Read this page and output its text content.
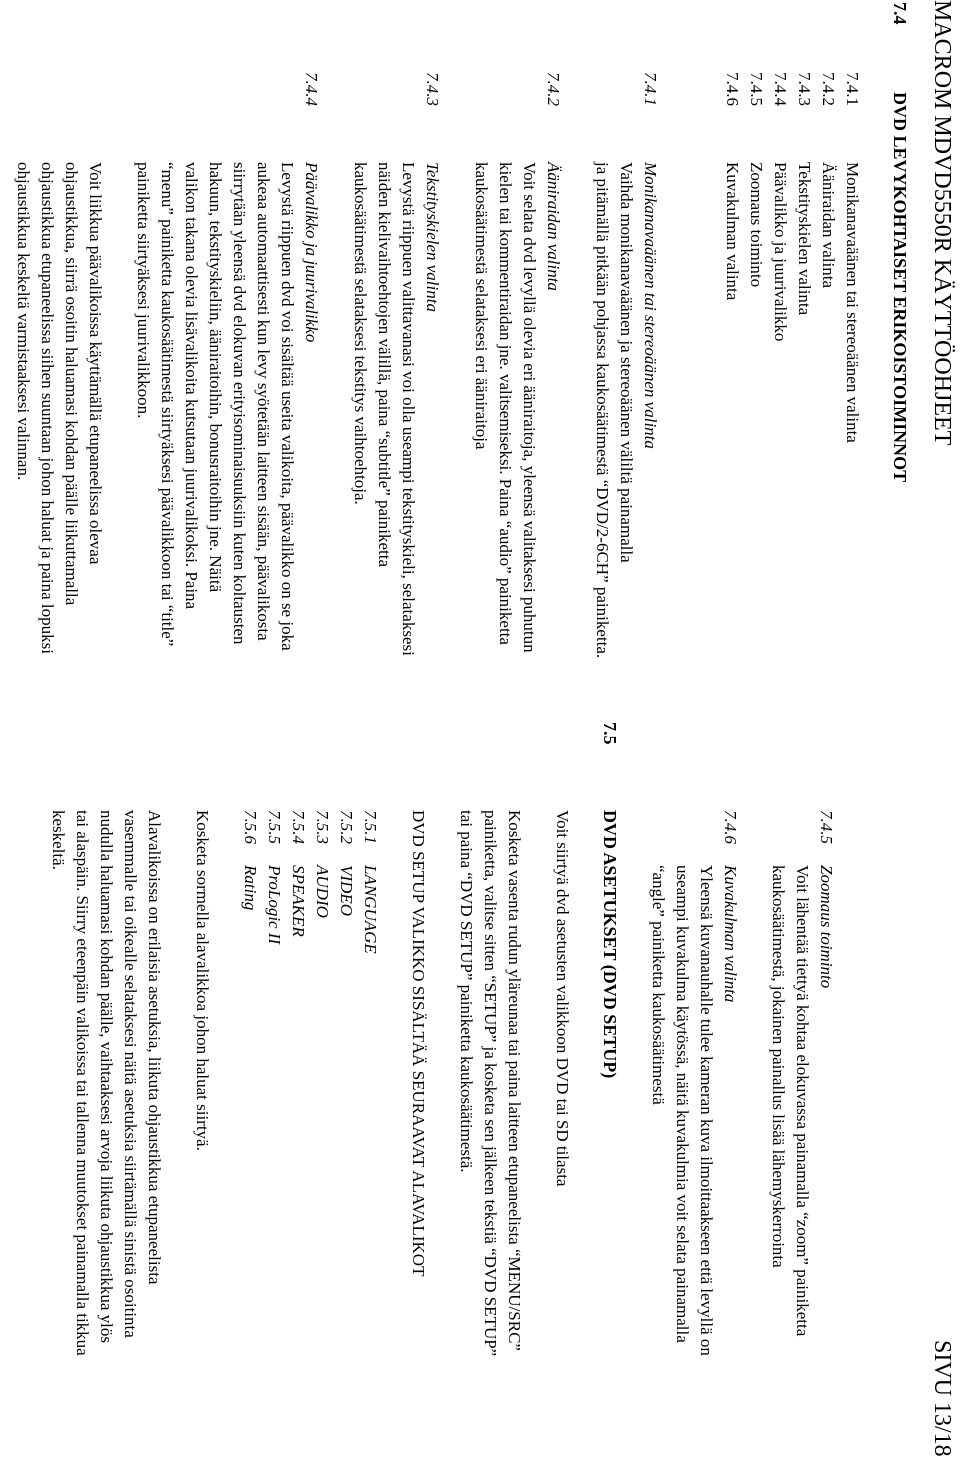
MACROM MDVD5550R KÄYTTÖOHJEET
SIVU 13/18
7.4
DVD LEVYKOHTAISET ERIKOISTOIMINNOT
7.4.1
Monikanavaäänen tai stereoäänen valinta
7.4.2
Ääniraidan valinta
7.4.3
Tekstityskielen valinta
7.4.4
Päävalikko ja juurivalikko
7.4.5
Zoomaus toiminto
7.4.6
Kuvakulman valinta
7.4.1
Monikanavaäänen tai stereoäänen valinta
Vaihda monikanavaäänen ja stereoäänen väliltä painamalla
ja pitämällä pitkään pohjassa kaukosäätimestä “DVD/2-6CH” painiketta.
7.4.2
Ääniraidan valinta
Voit selata dvd levyllä olevia eri ääniraitoja, yleensä valitaksesi puhutun
kielen tai kommentiraidan jne. valitsemiseksi. Paina “audio” painiketta
kaukosäätimestä selataksesi eri ääniraitoja
7.4.3
Tekstityskielen valinta
Levystä riippuen valittavanasi voi olla useampi tekstityskieli, selataksesi
näiden kielivaihtoehtojen välillä, paina “subtitle” painiketta
kaukosäätimestä selataksesi tekstitys vaihtoehtoja.
7.4.4
Päävalikko ja juurivalikko
Levystä riippuen dvd voi sisältää useita valikoita, päävalikko on se joka
aukeaa automaattisesti kun levy syötetään laitteen sisään, päävalikosta
siirrytään yleensä dvd elokuvan erityisominaisuuksiin kuten koltausten
hakuun, tekstityskieliin, ääniraitoihin, bonusraitoihin jne. Näitä
valikon takana olevia lisävalikoita kutsutaan juurivalikoksi. Paina
“menu” painiketta kaukosäätimestä siirtyäksesi päävalikkoon tai “title”
painiketta siirtyäksesi juurivalikkoon.
Voit liikkua päävalikoissa käyttämällä etupaneelissa olevaa
ohjaustikkua, siirrä osoitin haluamasi kohdan päälle liikuttamalla
ohjaustikkua etupaneelissa siihen suuntaan johon haluat ja paina lopuksi
ohjaustikkua keskeltä varmistaaksesi valinnan.
7.4.5
Zoomaus toiminto
Voit lähentää tiettyä kohtaa elokuvassa painamalla “zoom” painiketta
kaukosäätimestä, jokainen painallus lisää lähemyskerrointa
7.4.6
Kuvakulman valinta
Yleensä kuvanauhalle tulee kameran kuva ilmoittaakseen että levyllä on
useampi kuvakulma käytössä, näitä kuvakulmia voit selata painamalla
“angle” painiketta kaukosäätimestä
7.5
DVD ASETUKSET (DVD SETUP)
Voit siirtyä dvd asetusten valikkoon DVD tai SD tilasta
Kosketa vasenta rudun yläreunaa tai paina laitteen etupaneelista “MENU/SRC”
painiketta, valitse sitten “SETUP” ja kosketa sen jälkeen tekstiä “DVD SETUP”
tai paina “DVD SETUP” painiketta kaukosäätimestä.
DVD SETUP VALIKKO SISÄLTÄÄ SEURAAVAT ALAVALIKOT
7.5.1
LANGUAGE
7.5.2
VIDEO
7.5.3
AUDIO
7.5.4
SPEAKER
7.5.5
ProLogic II
7.5.6
Rating
Kosketa sormella alavalikkoa johon haluat siirtyä.
Alavalikoissa on erilaisia asetuksia, liikuta ohjaustikkua etupaneelista
vasemmalle tai oikealle selataksesi näitä asetuksia siirtämällä sinistä osoitinta
nudulla haluamasi kohdan päälle, vaihtaaksesi arvoja liikuta ohjaustikkua ylös
tai alaspäin. Siirry eteenpäin valikoissa tai tallenna muutokset painamalla tikkua
keskeltä.
